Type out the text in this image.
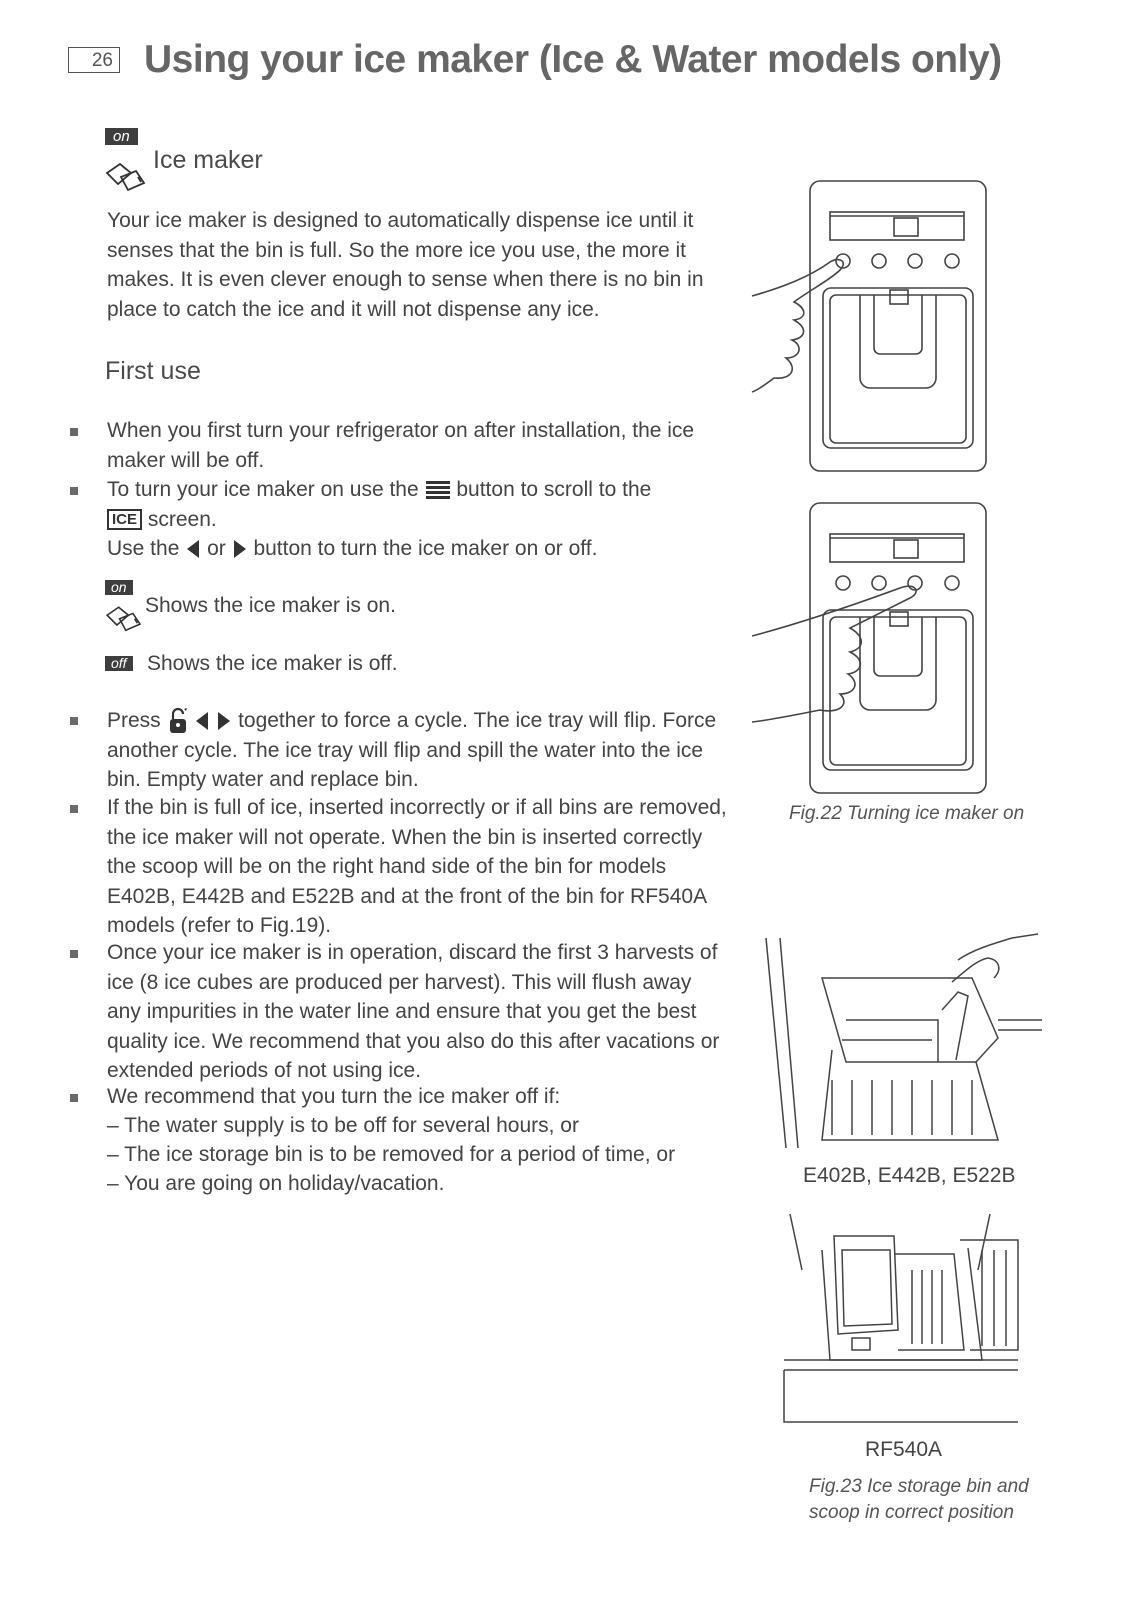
26 Using your ice maker (Ice & Water models only)
on
Ice maker
Your ice maker is designed to automatically dispense ice until it senses that the bin is full. So the more ice you use, the more it makes. It is even clever enough to sense when there is no bin in place to catch the ice and it will not dispense any ice.
First use
When you first turn your refrigerator on after installation, the ice maker will be off.
To turn your ice maker on use the button to scroll to the
ICE screen.
Use the or button to turn the ice maker on or off.
on
Shows the ice maker is on.
off Shows the ice maker is off.
Press	together to force a cycle. The ice tray will flip. Force another cycle. The ice tray will flip and spill the water into the ice bin. Empty water and replace bin.
If the bin is full of ice, inserted incorrectly or if all bins are removed, the ice maker will not operate. When the bin is inserted correctly the scoop will be on the right hand side of the bin for models E402B, E442B and E522B and at the front of the bin for RF540A models (refer to Fig.19).
Once your ice maker is in operation, discard the first 3 harvests of ice (8 ice cubes are produced per harvest). This will flush away any impurities in the water line and ensure that you get the best quality ice. We recommend that you also do this after vacations or extended periods of not using ice.
We recommend that you turn the ice maker off if:
– The water supply is to be off for several hours, or
– The ice storage bin is to be removed for a period of time, or
– You are going on holiday/vacation.
Fig.22 Turning ice maker on
E402B, E442B, E522B
RF540A
Fig.23 Ice storage bin and
scoop in correct position
